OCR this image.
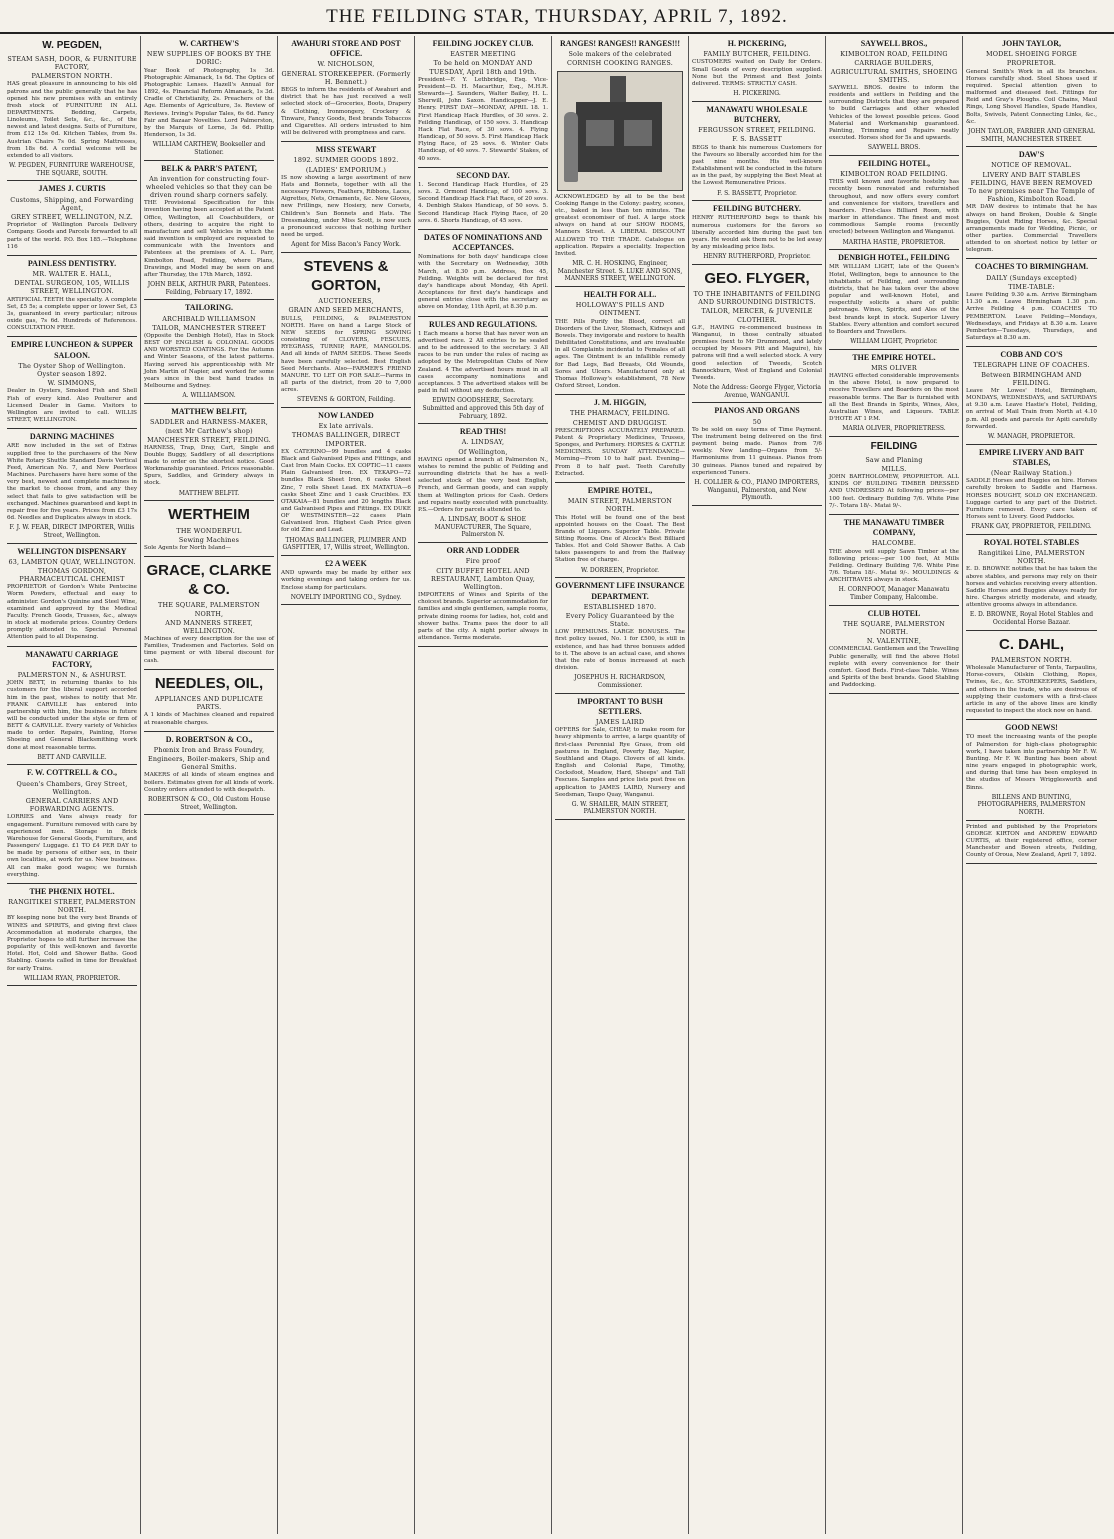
THE FEILDING STAR, THURSDAY, APRIL 7, 1892.
W. PEGDEN,
STEAM SASH, DOOR, & FURNITURE FACTORY,
PALMERSTON NORTH.

HAS great pleasure in announcing to his old patrons and the public generally that he has opened his new premises with an entirely fresh stock of FURNITURE IN ALL DEPARTMENTS. Bedding, Carpets, Linoleums, Toilet Sets, &c., &c., of the newest and latest designs. Suits of Furniture, from £12 15s 0d. Kitchen Tables, from 9s. Austrian Chairs 7s 0d. Spring Mattresses, from 18s 6d. A cordial welcome will be extended to all visitors.

W. PEGDEN, FURNITURE WAREHOUSE, THE SQUARE, SOUTH.
JAMES J. CURTIS
Customs, Shipping, and Forwarding Agent,
GREY STREET, WELLINGTON, N.Z.

Proprietor of Wellington Parcels Delivery Company. Goods and Parcels forwarded to all parts of the world. P.O. Box 185.—Telephone 116

PAINLESS DENTISTRY.
MR. WALTER E. HALL,
DENTAL SURGEON, 105, WILLIS STREET, WELLINGTON.

ARTIFICIAL TEETH the specialty. A complete Set, £5 5s; a complete upper or lower Set, £3 3s, guaranteed in every particular; nitrous oxide gas, 7s 6d. Hundreds of References. CONSULTATION FREE.

EMPIRE LUNCHEON & SUPPER SALOON.
The Oyster Shop of Wellington. Oyster season 1892.
W. SIMMONS,

Dealer in Oysters, Smoked Fish and Shell Fish of every kind. Also Poulterer and Licensed Dealer in Game. Visitors to Wellington are invited to call. WILLIS STREET, WELLINGTON.

DARNING MACHINES

ARE now included in the set of Extras supplied free to the purchasers of the New White Rotary Shuttle Standard Davis Vertical Feed, American No. 7, and New Peerless Machines. Purchasers have here some of the very best, newest and complete machines in the market to choose from, and any they select that fails to give satisfaction will be exchanged. Machines guaranteed and kept in repair free for five years. Prices from £3 17s 6d. Needles and Duplicates always in stock.

F. J. W. FEAR, DIRECT IMPORTER, Willis Street, Wellington.
WELLINGTON DISPENSARY
63, LAMBTON QUAY, WELLINGTON.
THOMAS GORDON, PHARMACEUTICAL CHEMIST

PROPRIETOR of Gordon's White Pentecine Worm Powders, effectual and easy to administer. Gordon's Quinine and Steel Wine, examined and approved by the Medical Faculty. French Goods, Trusses, &c., always in stock at moderate prices. Country Orders promptly attended to. Special Personal Attention paid to all Dispensing.

MANAWATU CARRIAGE FACTORY,
PALMERSTON N., & ASHURST.

JOHN BETT, in returning thanks to his customers for the liberal support accorded him in the past, wishes to notify that Mr. FRANK CARVILLE has entered into partnership with him, the business in future will be conducted under the style or firm of BETT & CARVILLE. Every variety of Vehicles made to order. Repairs, Painting, Horse Shoeing and General Blacksmithing work done at most reasonable terms.

BETT AND CARVILLE.
F. W. COTTRELL & CO.,
Queen's Chambers, Grey Street, Wellington.
GENERAL CARRIERS AND FORWARDING AGENTS.

LORRIES and Vans always ready for engagement. Furniture removed with care by experienced men. Storage in Brick Warehouse for General Goods, Furniture, and Passengers' Luggage. £1 TO £4 PER DAY to be made by persons of either sex, in their own localities, at work for us. New business. All can make good wages; we furnish everything.

THE PHŒNIX HOTEL.
RANGITIKEI STREET, PALMERSTON NORTH.

BY keeping none but the very best Brands of WINES and SPIRITS, and giving first class Accommodation at moderate charges, the Proprietor hopes to still further increase the popularity of this well-known and favorite Hotel. Hot, Cold and Shower Baths. Good Stabling. Guests called in time for Breakfast for early Trains.

WILLIAM RYAN, PROPRIETOR.
W. CARTHEW'S
NEW SUPPLIES OF BOOKS BY THE DORIC:

Year Book of Photography, 1s 3d. Photographic Almanack, 1s 6d. The Optics of Photographic Lenses. Hazell's Annual for 1892, 4s. Financial Reform Almanack, 1s 3d. Cradle of Christianity, 2s. Preachers of the Age. Elements of Agriculture, 3s. Review of Reviews. Irving's Popular Tales, 6s 6d. Fancy Fair and Bazaar Novelties. Lord Palmerston, by the Marquis of Lorne, 3s 6d. Phillip Henderson, 1s 3d.

WILLIAM CARTHEW, Bookseller and Stationer.
BELK & PARR'S PATENT,
An invention for constructing four-wheeled vehicles so that they can be driven round sharp corners safely.

THE Provisional Specification for this invention having been accepted at the Patent Office, Wellington, all Coachbuilders, or others, desiring to acquire the right to manufacture and sell Vehicles in which the said invention is employed are requested to communicate with the Inventors and Patentees at the premises of A. L. Parr, Kimbolton Road, Feilding, where Plans, Drawings, and Model may be seen on and after Thursday, the 17th March, 1892.

JOHN BELK, ARTHUR PARR, Patentees. Feilding, February 17, 1892.
TAILORING.
ARCHIBALD WILLIAMSON
TAILOR, MANCHESTER STREET

(Opposite the Denbigh Hotel), Has in Stock BEST OF ENGLISH & COLONIAL GOODS AND WORSTED COATINGS. For the Autumn and Winter Seasons, of the latest patterns. Having served his apprenticeship with Mr John Martin of Napier, and worked for some years since in the best hand trades in Melbourne and Sydney.

A. WILLIAMSON.
MATTHEW BELFIT,
SADDLER and HARNESS-MAKER,
(next Mr Carthew's shop) MANCHESTER STREET, FEILDING.

HARNESS, Trap, Dray, Cart, Single and Double Buggy, Saddlery of all descriptions made to order on the shortest notice. Good Workmanship guaranteed. Prices reasonable. Spurs, Saddles, and Grindery always in stock.

MATTHEW BELFIT.
WERTHEIM
THE WONDERFUL
Sewing Machines

Sole Agents for North Island—

GRACE, CLARKE & CO.
THE SQUARE, PALMERSTON NORTH,
AND MANNERS STREET, WELLINGTON.

Machines of every description for the use of Families, Tradesmen and Factories. Sold on time payment or with liberal discount for cash.

NEEDLES, OIL,
APPLIANCES AND DUPLICATE PARTS.

A 1 kinds of Machines cleaned and repaired at reasonable charges.

D. ROBERTSON & CO.,
Phœnix Iron and Brass Foundry,
Engineers, Boiler-makers, Ship and General Smiths.

MAKERS of all kinds of steam engines and boilers. Estimates given for all kinds of work. Country orders attended to with despatch.

ROBERTSON & CO., Old Custom House Street, Wellington.
AWAHURI STORE AND POST OFFICE.
W. NICHOLSON,
GENERAL STOREKEEPER. (Formerly H. Bennett.)

BEGS to inform the residents of Awahuri and district that he has just received a well selected stock of—Groceries, Boots, Drapery & Clothing, Ironmongery, Crockery & Tinware, Fancy Goods, Best brands Tobaccos and Cigarettes. All orders intrusted to him will be delivered with promptness and care.

MISS STEWART
1892. SUMMER GOODS 1892.
(LADIES' EMPORIUM.)

IS now showing a large assortment of new Hats and Bonnets, together with all the necessary Flowers, Feathers, Ribbons, Laces, Aigrettes, Nets, Ornaments, &c. New Gloves, new Frillings, new Hosiery, new Corsets, Children's Sun Bonnets and Hats. The Dressmaking, under Miss Scott, is now such a pronounced success that nothing further need be urged.

Agent for Miss Bacon's Fancy Work.
STEVENS & GORTON,
AUCTIONEERS,
GRAIN AND SEED MERCHANTS,

BULLS, FEILDING, & PALMERSTON NORTH. Have on hand a Large Stock of NEW SEEDS for SPRING SOWING consisting of CLOVERS, FESCUES, RYEGRASS, TURNIP, RAPE, MANGOLDS. And all kinds of FARM SEEDS. These Seeds have been carefully selected. Best English Seed Merchants. Also—FARMER'S FRIEND MANURE. TO LET OR FOR SALE—Farms in all parts of the district, from 20 to 7,000 acres.

STEVENS & GORTON, Feilding.
NOW LANDED
Ex late arrivals.
THOMAS BALLINGER, DIRECT IMPORTER.

EX CATERINO—99 bundles and 4 casks Black and Galvanised Pipes and Fittings, and Cast Iron Main Cocks. EX COPTIC—11 cases Plain Galvanised Iron. EX TEKAPO—72 bundles Black Sheet Iron, 6 casks Sheet Zinc, 7 rolls Sheet Lead. EX MATATUA—6 casks Sheet Zinc and 1 cask Crucibles. EX OTAKAIA—81 bundles and 20 lengths Black and Galvanised Pipes and Fittings. EX DUKE OF WESTMINSTER—22 cases Plain Galvanised Iron. Highest Cash Price given for old Zinc and Lead.

THOMAS BALLINGER, PLUMBER AND GASFITTER, 17, Willis street, Wellington.
£2 A WEEK

AND upwards may be made by either sex working evenings and taking orders for us. Enclose stamp for particulars.

NOVELTY IMPORTING CO., Sydney.
FEILDING JOCKEY CLUB.
EASTER MEETING
To be held on MONDAY AND TUESDAY, April 18th and 19th.

President—F. Y. Lethbridge, Esq. Vice-President—D. H. Macarthur, Esq., M.H.R. Stewards—J. Saunders, Walter Bailey, H. L. Sherwill, John Saxon. Handicapper—J. E. Henry. FIRST DAY—MONDAY, APRIL 18. 1. First Handicap Hack Hurdles, of 30 sovs. 2. Feilding Handicap, of 150 sovs. 3. Handicap Hack Flat Race, of 30 sovs. 4. Flying Handicap, of 50 sovs. 5. First Handicap Hack Flying Race, of 25 sovs. 6. Winter Oats Handicap, of 40 sovs. 7. Stewards' Stakes, of 40 sovs.

SECOND DAY.

1. Second Handicap Hack Hurdles, of 25 sovs. 2. Ormond Handicap, of 100 sovs. 3. Second Handicap Hack Flat Race, of 20 sovs. 4. Denbigh Stakes Handicap, of 50 sovs. 5. Second Handicap Hack Flying Race, of 20 sovs. 6. Shorts Handicap, of 45 sovs.

DATES OF NOMINATIONS AND ACCEPTANCES.

Nominations for both days' handicaps close with the Secretary on Wednesday, 30th March, at 8.30 p.m. Address, Box 45, Feilding. Weights will be declared for first day's handicaps about Monday, 4th April. Acceptances for first day's handicaps and general entries close with the secretary as above on Monday, 11th April, at 8.30 p.m.

RULES AND REGULATIONS.

1 Each means a horse that has never won an advertised race. 2 All entries to be sealed and to be addressed to the secretary. 3 All races to be run under the rules of racing as adopted by the Metropolitan Clubs of New Zealand. 4 The advertised hours must in all cases accompany nominations and acceptances. 5 The advertised stakes will be paid in full without any deduction.

EDWIN GOODSHERE, Secretary. Submitted and approved this 5th day of February, 1892.
READ THIS!
A. LINDSAY,
Of Wellington,

HAVING opened a branch at Palmerston N., wishes to remind the public of Feilding and surrounding districts that he has a well-selected stock of the very best English, French, and German goods, and can supply them at Wellington prices for Cash. Orders and repairs neatly executed with punctuality. P.S.—Orders for parcels attended to.

A. LINDSAY, BOOT & SHOE MANUFACTURER, The Square, Palmerston N.
ORR AND LODDER
Fire proof
CITY BUFFET HOTEL AND RESTAURANT, Lambton Quay, Wellington.

IMPORTERS of Wines and Spirits of the choicest brands. Superior accommodation for families and single gentlemen, sample rooms, private dining rooms for ladies, hot, cold and shower baths. Trams pass the door to all parts of the city. A night porter always in attendance. Terms moderate.

RANGES! RANGES!! RANGES!!!
Sole makers of the celebrated
CORNISH COOKING RANGES.

ACKNOWLEDGED by all to be the best Cooking Range in the Colony: pastry, scones, etc., baked in less than ten minutes. The greatest economiser of fuel. A large stock always on hand at our SHOW ROOMS, Manners Street. A LIBERAL DISCOUNT ALLOWED TO THE TRADE. Catalogue on application. Repairs a speciality. Inspection Invited.

MR. C. H. HOSKING, Engineer, Manchester Street. S. LUKE AND SONS, MANNERS STREET, WELLINGTON.
HEALTH FOR ALL.
HOLLOWAY'S PILLS AND OINTMENT.

THE Pills Purify the Blood, correct all Disorders of the Liver, Stomach, Kidneys and Bowels. They invigorate and restore to health Debilitated Constitutions, and are invaluable in all Complaints incidental to Females of all ages. The Ointment is an infallible remedy for Bad Legs, Bad Breasts, Old Wounds, Sores and Ulcers. Manufactured only at Thomas Holloway's establishment, 78 New Oxford Street, London.

J. M. HIGGIN,
THE PHARMACY, FEILDING.
CHEMIST AND DRUGGIST.

PRESCRIPTIONS ACCURATELY PREPARED. Patent & Proprietary Medicines, Trusses, Sponges, and Perfumery. HORSES & CATTLE MEDICINES. SUNDAY ATTENDANCE—Morning—From 10 to half past. Evening—From 8 to half past. Teeth Carefully Extracted.

EMPIRE HOTEL,
MAIN STREET, PALMERSTON NORTH.

This Hotel will be found one of the best appointed houses on the Coast. The Best Brands of Liquors. Superior Table. Private Sitting Rooms. One of Alcock's Best Billiard Tables. Hot and Cold Shower Baths. A Cab takes passengers to and from the Railway Station free of charge.

W. DORREEN, Proprietor.
GOVERNMENT LIFE INSURANCE DEPARTMENT.
ESTABLISHED 1870.
Every Policy Guaranteed by the State.

LOW PREMIUMS. LARGE BONUSES. The first policy issued, No. 1 for £500, is still in existence, and has had three bonuses added to it. The above is an actual case, and shows that the rate of bonus increased at each division.

JOSEPHUS H. RICHARDSON, Commissioner.
IMPORTANT TO BUSH SETTLERS.
JAMES LAIRD

OFFERS for Sale, CHEAP, to make room for heavy shipments to arrive, a large quantity of first-class Perennial Rye Grass, from old pastures in England, Poverty Bay, Napier, Southland and Otago. Clovers of all kinds. English and Colonial Rape, Timothy, Cocksfoot, Meadow, Hard, Sheeps' and Tall Fescues. Samples and price lists post free on application to JAMES LAIRD, Nursery and Seedsman, Taupo Quay, Wanganui.

G. W. SHAILER, MAIN STREET, PALMERSTON NORTH.
H. PICKERING,
FAMILY BUTCHER, FEILDING.

CUSTOMERS waited on Daily for Orders. Small Goods of every description supplied. None but the Primest and Best Joints delivered. TERMS: STRICTLY CASH.

H. PICKERING.
MANAWATU WHOLESALE BUTCHERY,
FERGUSSON STREET, FEILDING.
F. S. BASSETT

BEGS to thank his numerous Customers for the Favours so liberally accorded him for the past nine months. His well-known Establishment will be conducted in the future as in the past, by supplying the Best Meat at the Lowest Remunerative Prices.

F. S. BASSETT, Proprietor.
FEILDING BUTCHERY.

HENRY RUTHERFORD begs to thank his numerous customers for the favors so liberally accorded him during the past ten years. He would ask them not to be led away by any misleading price lists.

HENRY RUTHERFORD, Proprietor.
GEO. FLYGER,
TO THE INHABITANTS of FEILDING AND SURROUNDING DISTRICTS.
TAILOR, MERCER, & JUVENILE CLOTHIER.

G.F., HAVING re-commenced business in Wanganui, in those centrally situated premises (next to Mr Drummond, and lately occupied by Messrs Pitt and Maguire), his patrons will find a well selected stock. A very good selection of Tweeds, Scotch Bannockburn, West of England and Colonial Tweeds.

Note the Address: George Flyger, Victoria Avenue, WANGANUI.
PIANOS AND ORGANS
50

To be sold on easy terms of Time Payment. The instrument being delivered on the first payment being made. Pianos from 7/6 weekly. New landing—Organs from 5/- Harmoniums from 11 guineas. Pianos from 30 guineas. Pianos tuned and repaired by experienced Tuners.

H. COLLIER & CO., PIANO IMPORTERS, Wanganui, Palmerston, and New Plymouth.
SAYWELL BROS.,
KIMBOLTON ROAD, FEILDING
CARRIAGE BUILDERS, AGRICULTURAL SMITHS, SHOEING SMITHS.

SAYWELL BROS. desire to inform the residents and settlers in Feilding and the surrounding Districts that they are prepared to build Carriages and other wheeled Vehicles of the lowest possible prices. Good Material and Workmanship guaranteed. Painting, Trimming and Repairs neatly executed. Horses shod for 5s and upwards.

SAYWELL BROS.
FEILDING HOTEL,
KIMBOLTON ROAD FEILDING.

THIS well known and favorite hostelry has recently been renovated and refurnished throughout, and now offers every comfort and convenience for visitors, travellers and boarders. First-class Billiard Room, with marker in attendance. The finest and most commodious Sample rooms (recently erected) between Wellington and Wanganui.

MARTHA HASTIE, PROPRIETOR.
DENBIGH HOTEL, FEILDING

MR WILLIAM LIGHT, late of the Queen's Hotel, Wellington, begs to announce to the inhabitants of Feilding, and surrounding districts, that he has taken over the above popular and well-known Hotel, and respectfully solicits a share of public patronage. Wines, Spirits, and Ales of the best brands kept in stock. Superior Livery Stables. Every attention and comfort secured to Boarders and Travellers.

WILLIAM LIGHT, Proprietor.
THE EMPIRE HOTEL.
MRS OLIVER

HAVING effected considerable improvements in the above Hotel, is now prepared to receive Travellers and Boarders on the most reasonable terms. The Bar is furnished with all the Best Brands in Spirits, Wines, Ales, Australian Wines, and Liqueurs. TABLE D'HOTE AT 1 P.M.

MARIA OLIVER, PROPRIETRESS.
FEILDING
Saw and Planing
MILLS.

JOHN BARTHOLOMEW, PROPRIETOR. ALL KINDS OF BUILDING TIMBER DRESSED AND UNDRESSED At following prices—per 100 feet. Ordinary Building 7/6. White Pine 7/-. Totara 18/-. Matai 9/-.

THE MANAWATU TIMBER COMPANY,
HALCOMBE.

THE above will supply Sawn Timber at the following prices:—per 100 feet, At Mills Feilding. Ordinary Building 7/6. White Pine 7/6. Totara 18/-. Matai 9/-. MOULDINGS & ARCHITRAVES always in stock.

H. CORNFOOT, Manager Manawatu Timber Company, Halcombe.
CLUB HOTEL
THE SQUARE, PALMERSTON NORTH.
N. VALENTINE,

COMMERCIAL Gentlemen and the Travelling Public generally, will find the above Hotel replete with every convenience for their comfort. Good Beds. First-class Table. Wines and Spirits of the best brands. Good Stabling and Paddocking.

JOHN TAYLOR,
MODEL SHOEING FORGE
PROPRIETOR.

General Smith's Work in all its branches. Horses carefully shod. Steel Shoes used if required. Special attention given to malformed and diseased feet. Fittings for Reid and Gray's Ploughs. Coil Chains, Maul Rings, Long Shovel Handles, Spade Handles, Bolts, Swivels, Patent Connecting Links, &c., &c.

JOHN TAYLOR, FARRIER AND GENERAL SMITH, MANCHESTER STREET.
DAW'S
NOTICE OF REMOVAL.
LIVERY AND BAIT STABLES FEILDING, HAVE BEEN REMOVED To new premises near The Temple of Fashion, Kimbolton Road.

MR DAW desires to intimate that he has always on hand Broken, Double & Single Buggies, Quiet Riding Horses, &c. Special arrangements made for Wedding, Picnic, or other parties. Commercial Travellers attended to on shortest notice by letter or telegram.

COACHES TO BIRMINGHAM.
DAILY (Sundays excepted)
TIME-TABLE:

Leave Feilding 9.30 a.m. Arrive Birmingham 11.30 a.m. Leave Birmingham 1.30 p.m. Arrive Feilding 4 p.m. COACHES TO PEMBERTON. Leave Feilding—Mondays, Wednesdays, and Fridays at 8.30 a.m. Leave Pemberton—Tuesdays, Thursdays, and Saturdays at 8.30 a.m.

COBB AND CO'S
TELEGRAPH LINE OF COACHES.
Between BIRMINGHAM AND FEILDING.

Leave Mr Lowes' Hotel, Birmingham, MONDAYS, WEDNESDAYS, and SATURDAYS at 9.30 a.m. Leave Hastie's Hotel, Feilding, on arrival of Mail Train from North at 4.10 p.m. All goods and parcels for Apiti carefully forwarded.

W. MANAGH, PROPRIETOR.
EMPIRE LIVERY AND BAIT STABLES,
(Near Railway Station.)

SADDLE Horses and Buggies on hire. Horses carefully broken to Saddle and Harness. HORSES BOUGHT, SOLD ON EXCHANGED. Luggage carted to any part of the District. Furniture removed. Every care taken of Horses sent to Livery. Good Paddocks.

FRANK GAY, PROPRIETOR, FEILDING.
ROYAL HOTEL STABLES
Rangitikei Line, PALMERSTON NORTH.

E. D. BROWNE notifies that he has taken the above stables, and persons may rely on their horses and vehicles receiving every attention. Saddle Horses and Buggies always ready for hire. Charges strictly moderate, and steady, attentive grooms always in attendance.

E. D. BROWNE, Royal Hotel Stables and Occidental Horse Bazaar.
C. DAHL,
PALMERSTON NORTH.

Wholesale Manufacturer of Tents, Tarpaulins, Horse-covers, Oilskin Clothing, Ropes, Twines, &c., &c. STOREKEEPERS, Saddlers, and others in the trade, who are desirous of supplying their customers with a first-class article in any of the above lines are kindly requested to inspect the stock now on hand.

GOOD NEWS!

TO meet the increasing wants of the people of Palmerston for high-class photographic work, I have taken into partnership Mr F. W. Bunting. Mr F. W. Bunting has been about nine years engaged in photographic work, and during that time has been employed in the studios of Messrs Wrigglesworth and Binns.

BILLENS AND BUNTING, PHOTOGRAPHERS, PALMERSTON NORTH.

Printed and published by the Proprietors GEORGE KIRTON and ANDREW EDWARD CURTIS, at their registered office, corner Manchester and Bowen streets, Feilding, County of Oroua, New Zealand, April 7, 1892.
